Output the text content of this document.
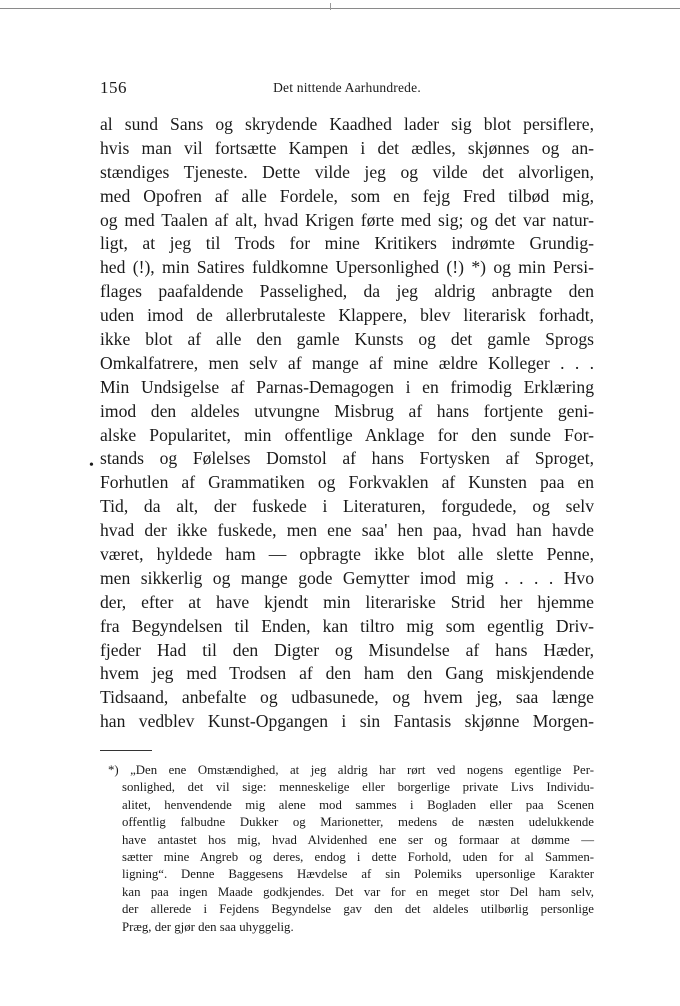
156	Det nittende Aarhundrede.
•
al sund Sans og skrydende Kaadhed lader sig blot persiflere,
hvis man vil fortsætte Kampen i det ædles, skjønnes og an-
stændiges Tjeneste. Dette vilde jeg og vilde det alvorligen,
med Opofren af alle Fordele, som en fejg Fred tilbød mig,
og med Taalen af alt, hvad Krigen førte med sig; og det var natur-
ligt, at jeg til Trods for mine Kritikers indrømte Grundig-
hed (!), min Satires fuldkomne Upersonlighed (!) *) og min Persi-
flages paafaldende Passelighed, da jeg aldrig anbragte den
uden imod de allerbrutaleste Klappere, blev literarisk forhadt,
ikke blot af alle den gamle Kunsts og det gamle Sprogs
Omkalfatrere, men selv af mange af mine ældre Kolleger . . .
Min Undsigelse af Parnas-Demagogen i en frimodig Erklæring
imod den aldeles utvungne Misbrug af hans fortjente geni-
alske Popularitet, min offentlige Anklage for den sunde For-
stands og Følelses Domstol af hans Fortysken af Sproget,
Forhutlen af Grammatiken og Forkvaklen af Kunsten paa en
Tid, da alt, der fuskede i Literaturen, forgudede, og selv
hvad der ikke fuskede, men ene saa' hen paa, hvad han havde
været, hyldede ham — opbragte ikke blot alle slette Penne,
men sikkerlig og mange gode Gemytter imod mig . . . . Hvo
der, efter at have kjendt min literariske Strid her hjemme
fra Begyndelsen til Enden, kan tiltro mig som egentlig Driv-
fjeder Had til den Digter og Misundelse af hans Hæder,
hvem jeg med Trodsen af den ham den Gang miskjendende
Tidsaand, anbefalte og udbasunede, og hvem jeg, saa længe
han vedblev Kunst-Opgangen i sin Fantasis skjønne Morgen-
*) „Den ene Omstændighed, at jeg aldrig har rørt ved nogens egentlige Per-
sonlighed, det vil sige: menneskelige eller borgerlige private Livs Individu-
alitet, henvendende mig alene mod sammes i Bogladen eller paa Scenen
offentlig falbudne Dukker og Marionetter, medens de næsten udelukkende
have antastet hos mig, hvad Alvidenhed ene ser og formaar at dømme —
sætter mine Angreb og deres, endog i dette Forhold, uden for al Sammen-
ligning“. Denne Baggesens Hævdelse af sin Polemiks upersonlige Karakter
kan paa ingen Maade godkjendes. Det var for en meget stor Del ham selv,
der allerede i Fejdens Begyndelse gav den det aldeles utilbørlig personlige
Præg, der gjør den saa uhyggelig.
